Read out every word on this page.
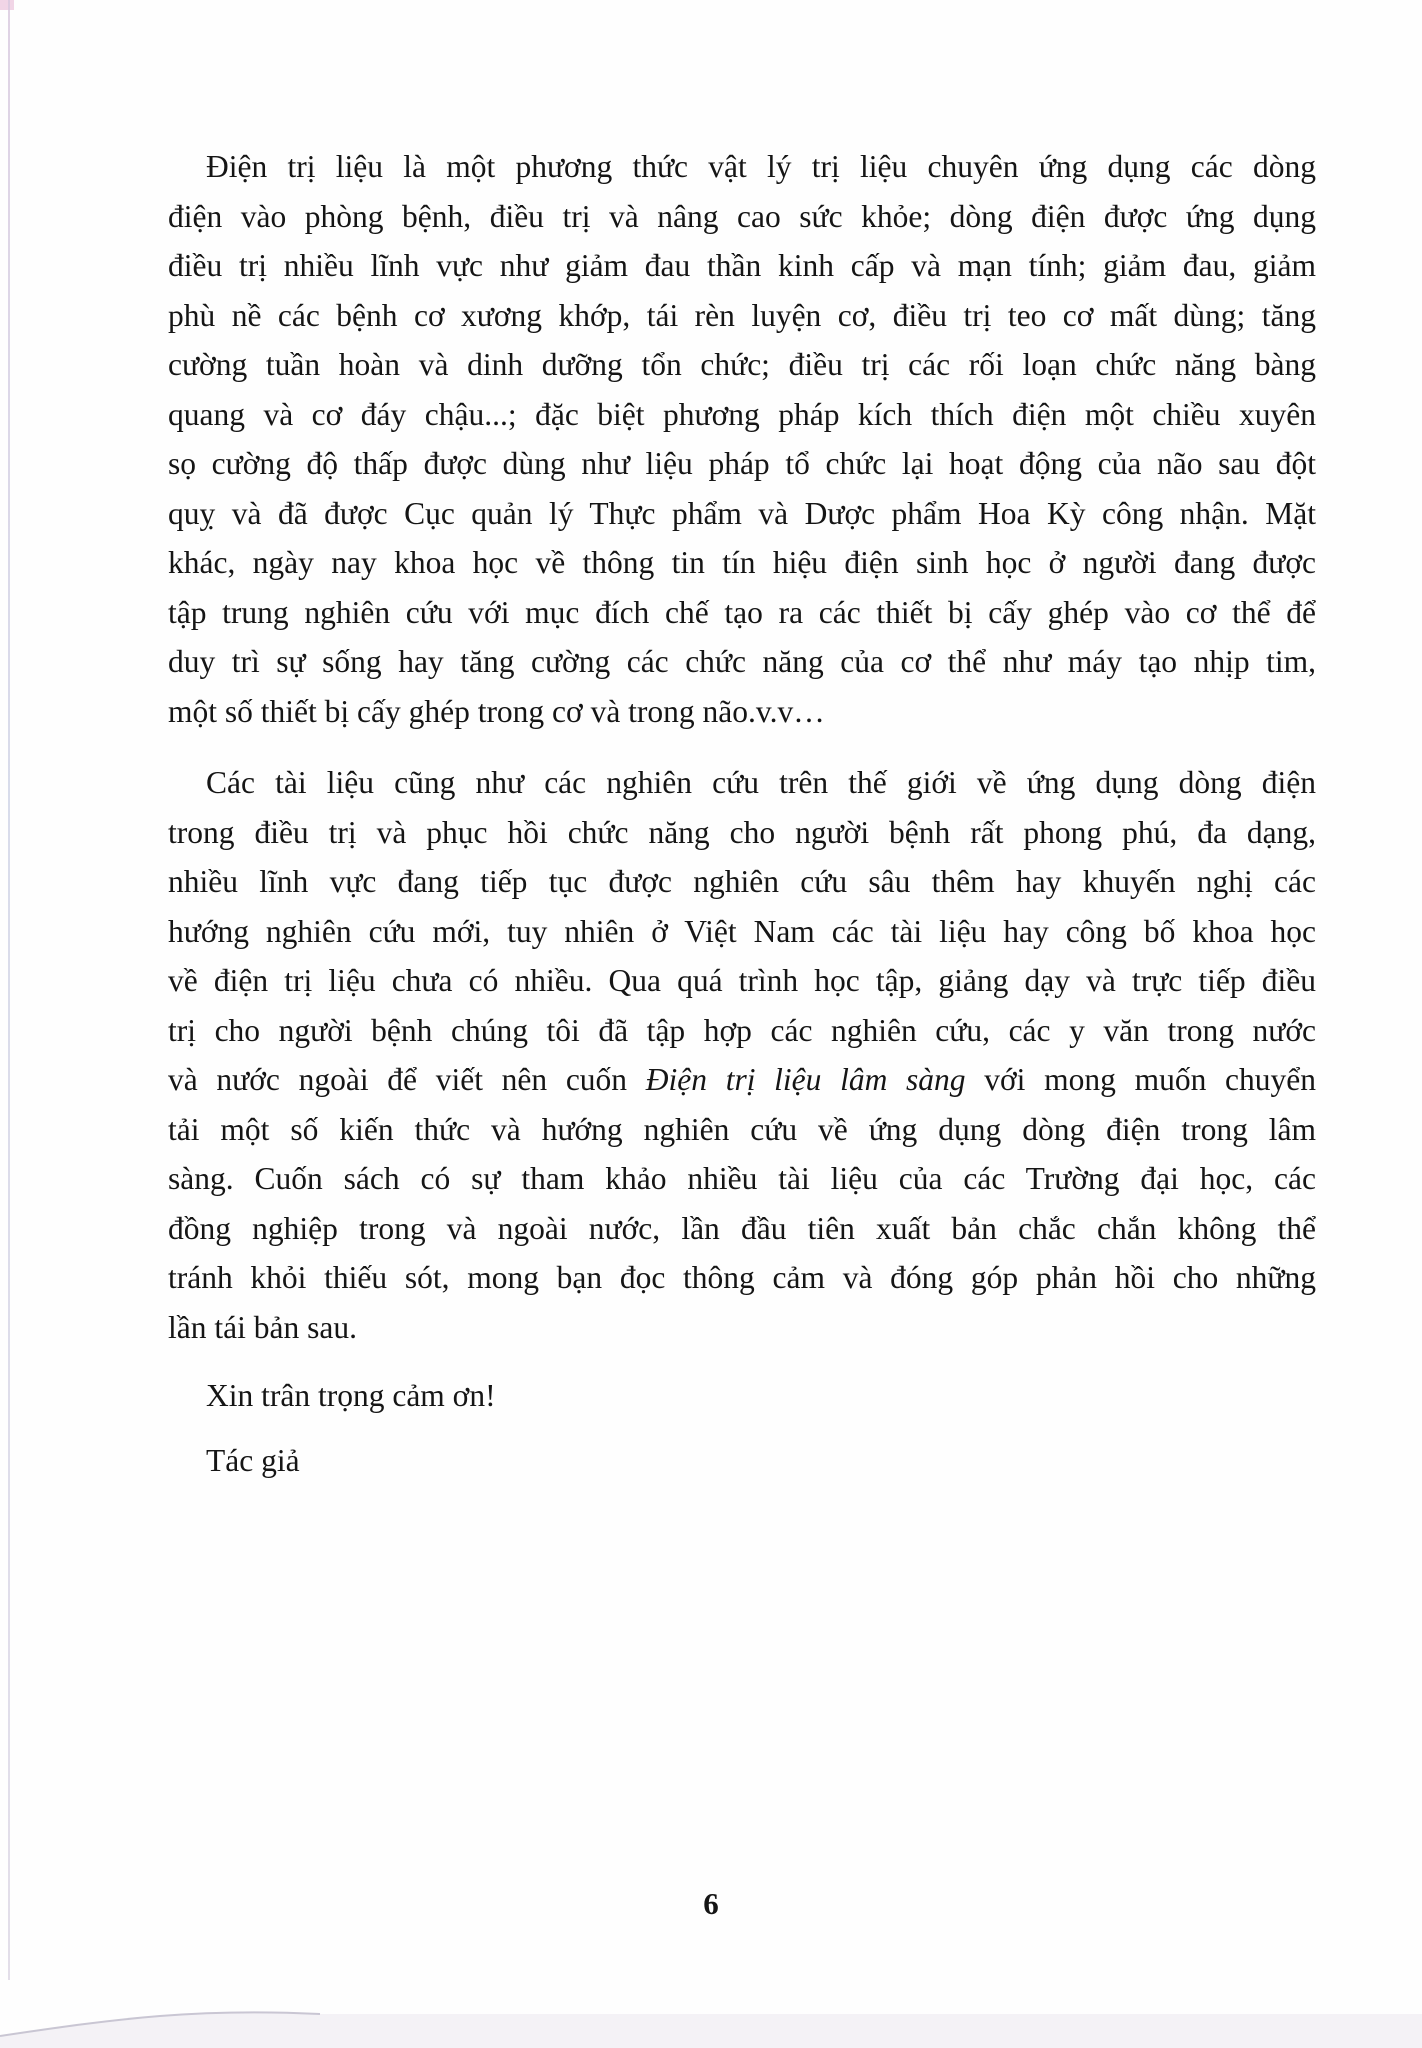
Điện trị liệu là một phương thức vật lý trị liệu chuyên ứng dụng các dòng
điện vào phòng bệnh, điều trị và nâng cao sức khỏe; dòng điện được ứng dụng
điều trị nhiều lĩnh vực như giảm đau thần kinh cấp và mạn tính; giảm đau, giảm
phù nề các bệnh cơ xương khớp, tái rèn luyện cơ, điều trị teo cơ mất dùng; tăng
cường tuần hoàn và dinh dưỡng tổn chức; điều trị các rối loạn chức năng bàng
quang và cơ đáy chậu...; đặc biệt phương pháp kích thích điện một chiều xuyên
sọ cường độ thấp được dùng như liệu pháp tổ chức lại hoạt động của não sau đột
quỵ và đã được Cục quản lý Thực phẩm và Dược phẩm Hoa Kỳ công nhận. Mặt
khác, ngày nay khoa học về thông tin tín hiệu điện sinh học ở người đang được
tập trung nghiên cứu với mục đích chế tạo ra các thiết bị cấy ghép vào cơ thể để
duy trì sự sống hay tăng cường các chức năng của cơ thể như máy tạo nhịp tim,
một số thiết bị cấy ghép trong cơ và trong não.v.v…
Các tài liệu cũng như các nghiên cứu trên thế giới về ứng dụng dòng điện
trong điều trị và phục hồi chức năng cho người bệnh rất phong phú, đa dạng,
nhiều lĩnh vực đang tiếp tục được nghiên cứu sâu thêm hay khuyến nghị các
hướng nghiên cứu mới, tuy nhiên ở Việt Nam các tài liệu hay công bố khoa học
về điện trị liệu chưa có nhiều. Qua quá trình học tập, giảng dạy và trực tiếp điều
trị cho người bệnh chúng tôi đã tập hợp các nghiên cứu, các y văn trong nước
và nước ngoài để viết nên cuốn Điện trị liệu lâm sàng với mong muốn chuyển
tải một số kiến thức và hướng nghiên cứu về ứng dụng dòng điện trong lâm
sàng. Cuốn sách có sự tham khảo nhiều tài liệu của các Trường đại học, các
đồng nghiệp trong và ngoài nước, lần đầu tiên xuất bản chắc chắn không thể
tránh khỏi thiếu sót, mong bạn đọc thông cảm và đóng góp phản hồi cho những
lần tái bản sau.
Xin trân trọng cảm ơn!
Tác giả
6
